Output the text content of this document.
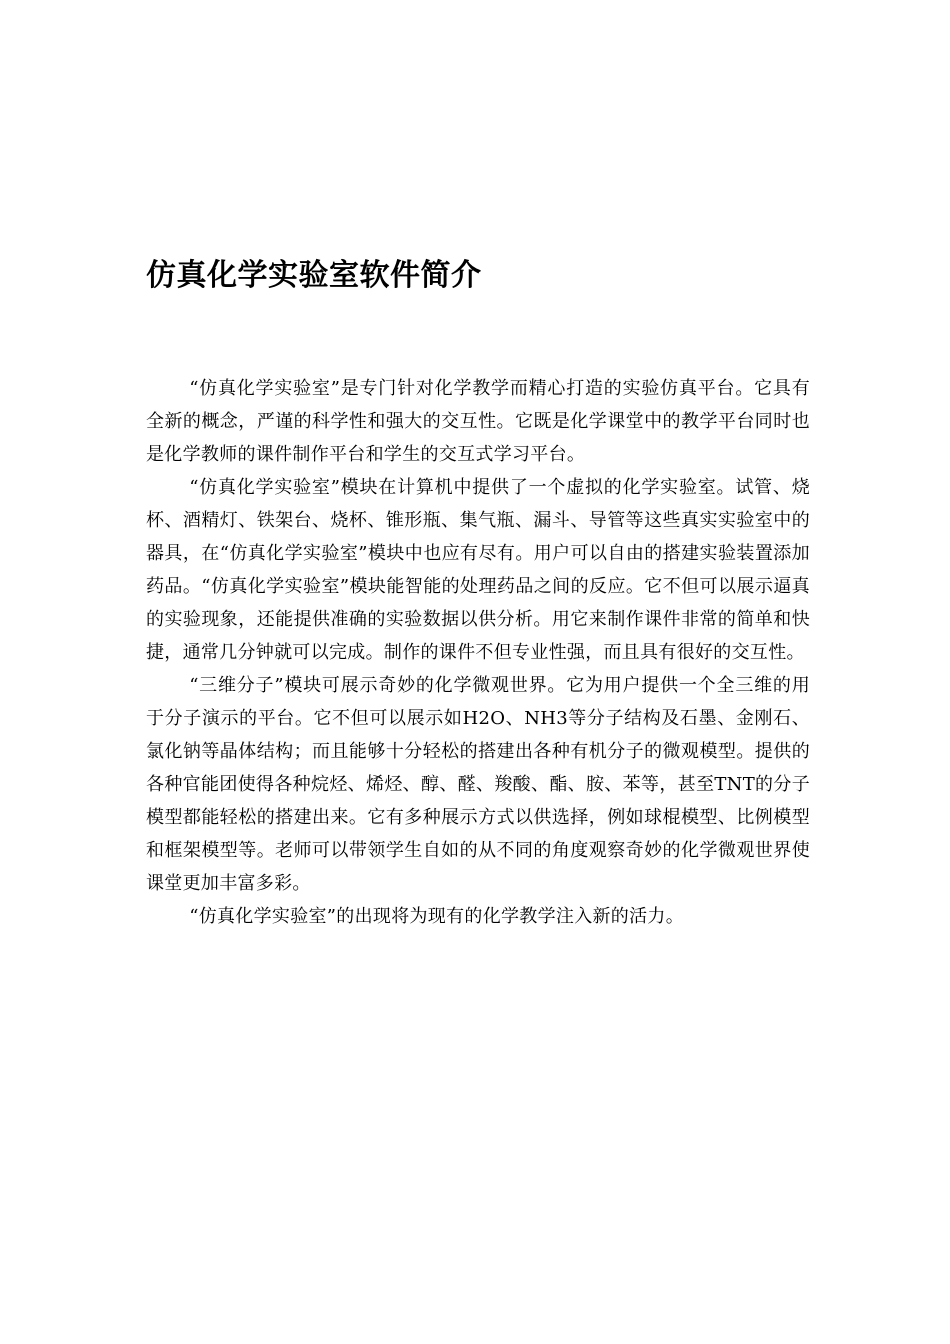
仿真化学实验室软件简介

“仿真化学实验室”是专门针对化学教学而精心打造的实验仿真平台。它具有全新的概念，严谨的科学性和强大的交互性。它既是化学课堂中的教学平台同时也是化学教师的课件制作平台和学生的交互式学习平台。

“仿真化学实验室”模块在计算机中提供了一个虚拟的化学实验室。试管、烧杯、酒精灯、铁架台、烧杯、锥形瓶、集气瓶、漏斗、导管等这些真实实验室中的器具，在“仿真化学实验室”模块中也应有尽有。用户可以自由的搭建实验装置添加药品。“仿真化学实验室”模块能智能的处理药品之间的反应。它不但可以展示逼真的实验现象，还能提供准确的实验数据以供分析。用它来制作课件非常的简单和快捷，通常几分钟就可以完成。制作的课件不但专业性强，而且具有很好的交互性。

“三维分子”模块可展示奇妙的化学微观世界。它为用户提供一个全三维的用于分子演示的平台。它不但可以展示如H2O、NH3等分子结构及石墨、金刚石、氯化钠等晶体结构；而且能够十分轻松的搭建出各种有机分子的微观模型。提供的各种官能团使得各种烷烃、烯烃、醇、醛、羧酸、酯、胺、苯等，甚至TNT的分子模型都能轻松的搭建出来。它有多种展示方式以供选择，例如球棍模型、比例模型和框架模型等。老师可以带领学生自如的从不同的角度观察奇妙的化学微观世界使课堂更加丰富多彩。

“仿真化学实验室”的出现将为现有的化学教学注入新的活力。
